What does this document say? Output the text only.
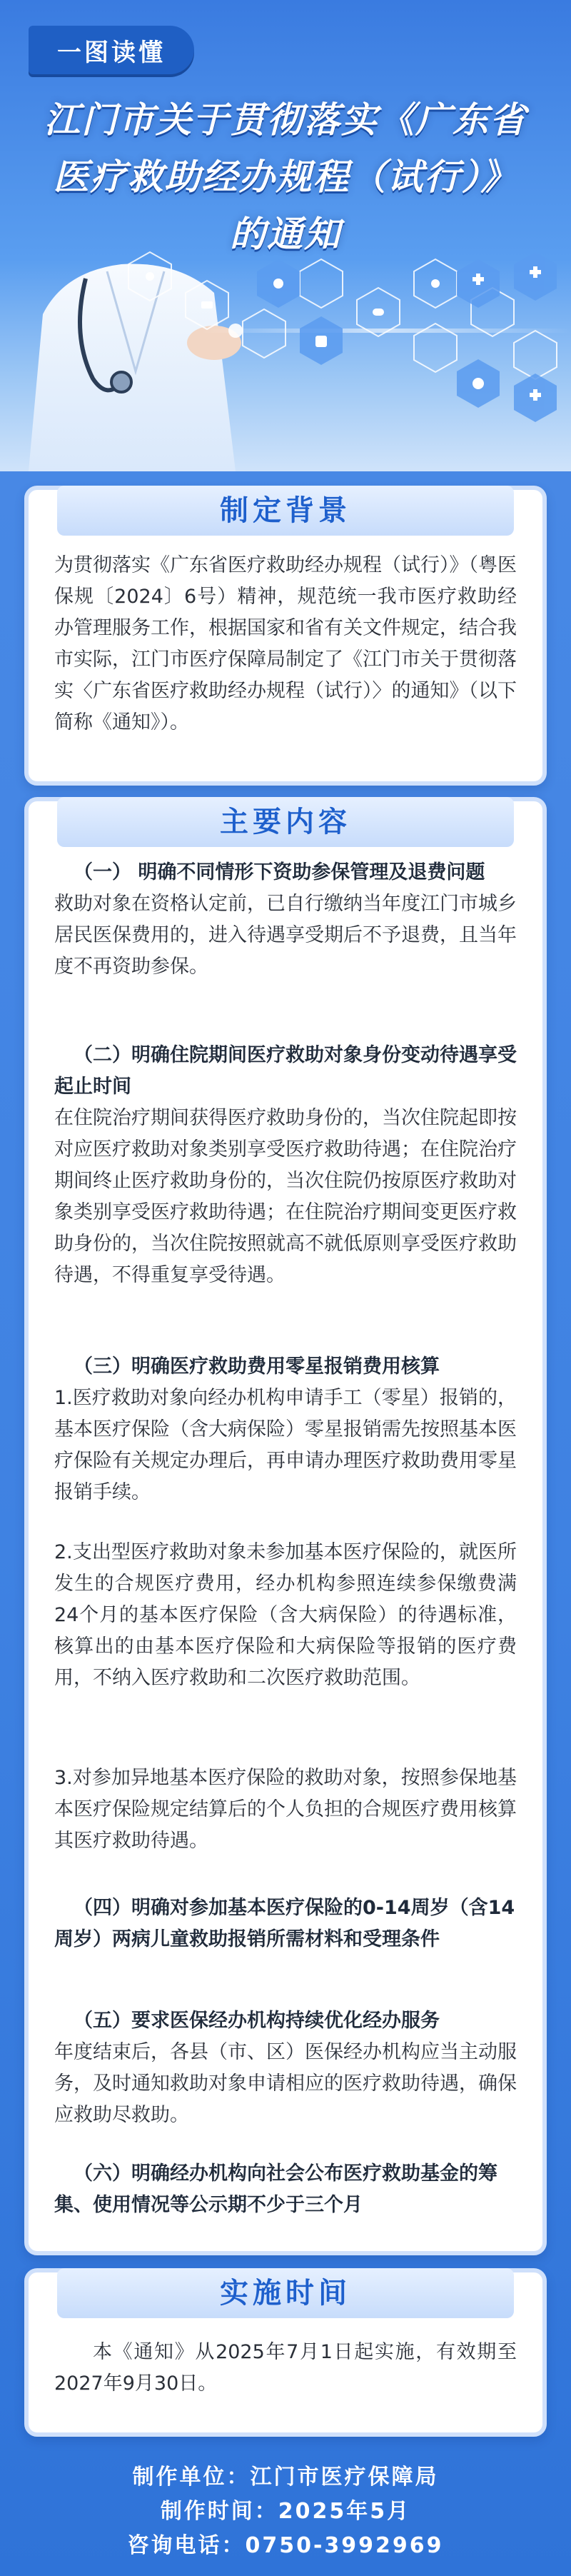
一图读懂
江门市关于贯彻落实《广东省
医疗救助经办规程（试行）》
的通知
制定背景
为贯彻落实《广东省医疗救助经办规程（试行）》（粤医保规〔2024〕6号）精神，规范统一我市医疗救助经办管理服务工作，根据国家和省有关文件规定，结合我市实际，江门市医疗保障局制定了《江门市关于贯彻落实〈广东省医疗救助经办规程（试行）〉的通知》（以下简称《通知》）。
主要内容
（一） 明确不同情形下资助参保管理及退费问题
救助对象在资格认定前，已自行缴纳当年度江门市城乡居民医保费用的，进入待遇享受期后不予退费，且当年度不再资助参保。
（二）明确住院期间医疗救助对象身份变动待遇享受起止时间
在住院治疗期间获得医疗救助身份的，当次住院起即按对应医疗救助对象类别享受医疗救助待遇；在住院治疗期间终止医疗救助身份的，当次住院仍按原医疗救助对象类别享受医疗救助待遇；在住院治疗期间变更医疗救助身份的，当次住院按照就高不就低原则享受医疗救助待遇，不得重复享受待遇。
（三）明确医疗救助费用零星报销费用核算
1.医疗救助对象向经办机构申请手工（零星）报销的，基本医疗保险（含大病保险）零星报销需先按照基本医疗保险有关规定办理后，再申请办理医疗救助费用零星报销手续。
2.支出型医疗救助对象未参加基本医疗保险的，就医所发生的合规医疗费用，经办机构参照连续参保缴费满24个月的基本医疗保险（含大病保险）的待遇标准，核算出的由基本医疗保险和大病保险等报销的医疗费用，不纳入医疗救助和二次医疗救助范围。
3.对参加异地基本医疗保险的救助对象，按照参保地基本医疗保险规定结算后的个人负担的合规医疗费用核算其医疗救助待遇。
（四）明确对参加基本医疗保险的0-14周岁（含14周岁）两病儿童救助报销所需材料和受理条件
（五）要求医保经办机构持续优化经办服务
年度结束后，各县（市、区）医保经办机构应当主动服务，及时通知救助对象申请相应的医疗救助待遇，确保应救助尽救助。
（六）明确经办机构向社会公布医疗救助基金的筹集、使用情况等公示期不少于三个月
实施时间
本《通知》从2025年7月1日起实施，有效期至2027年9月30日。
制作单位：江门市医疗保障局
制作时间：2025年5月
咨询电话：0750-3992969
